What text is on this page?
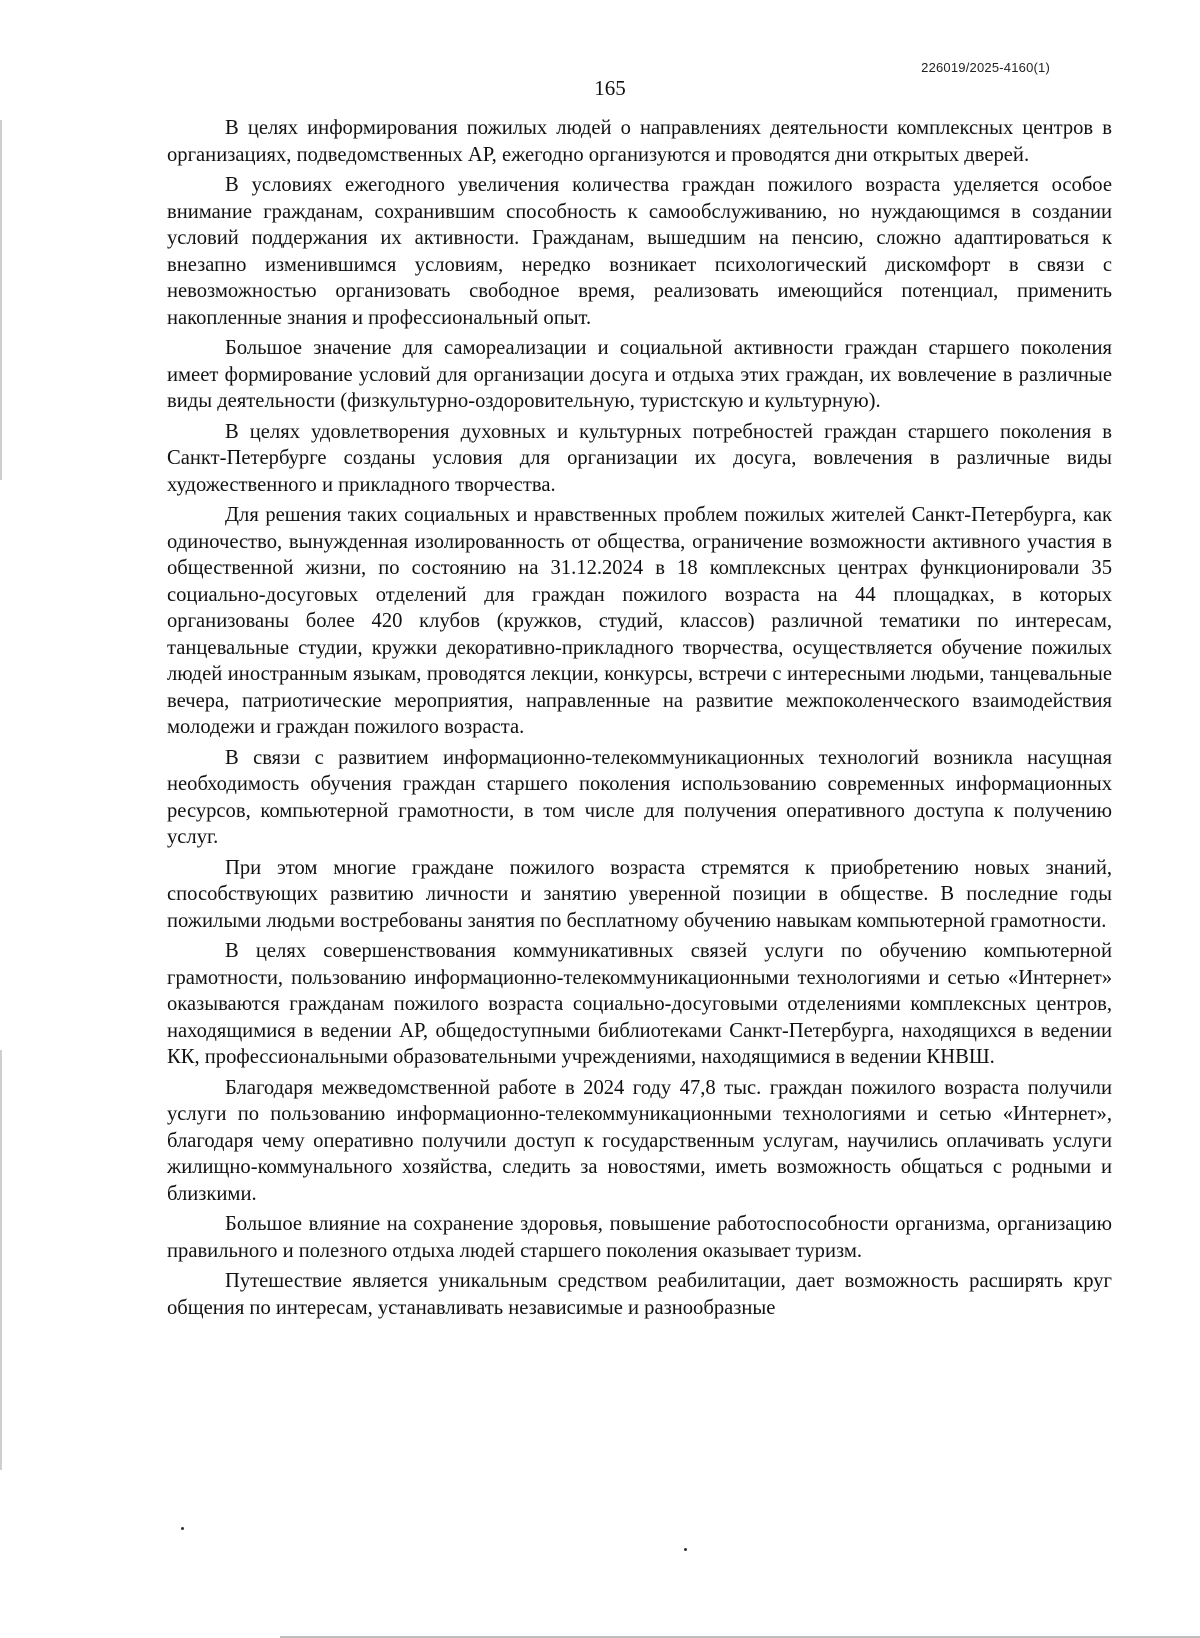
226019/2025-4160(1)
165

В целях информирования пожилых людей о направлениях деятельности комплексных центров в организациях, подведомственных АР, ежегодно организуются и проводятся дни открытых дверей.

В условиях ежегодного увеличения количества граждан пожилого возраста уделяется особое внимание гражданам, сохранившим способность к самообслуживанию, но нуждающимся в создании условий поддержания их активности. Гражданам, вышедшим на пенсию, сложно адаптироваться к внезапно изменившимся условиям, нередко возникает психологический дискомфорт в связи с невозможностью организовать свободное время, реализовать имеющийся потенциал, применить накопленные знания и профессиональный опыт.

Большое значение для самореализации и социальной активности граждан старшего поколения имеет формирование условий для организации досуга и отдыха этих граждан, их вовлечение в различные виды деятельности (физкультурно-оздоровительную, туристскую и культурную).

В целях удовлетворения духовных и культурных потребностей граждан старшего поколения в Санкт-Петербурге созданы условия для организации их досуга, вовлечения в различные виды художественного и прикладного творчества.

Для решения таких социальных и нравственных проблем пожилых жителей Санкт-Петербурга, как одиночество, вынужденная изолированность от общества, ограничение возможности активного участия в общественной жизни, по состоянию на 31.12.2024 в 18 комплексных центрах функционировали 35 социально-досуговых отделений для граждан пожилого возраста на 44 площадках, в которых организованы более 420 клубов (кружков, студий, классов) различной тематики по интересам, танцевальные студии, кружки декоративно-прикладного творчества, осуществляется обучение пожилых людей иностранным языкам, проводятся лекции, конкурсы, встречи с интересными людьми, танцевальные вечера, патриотические мероприятия, направленные на развитие межпоколенческого взаимодействия молодежи и граждан пожилого возраста.

В связи с развитием информационно-телекоммуникационных технологий возникла насущная необходимость обучения граждан старшего поколения использованию современных информационных ресурсов, компьютерной грамотности, в том числе для получения оперативного доступа к получению услуг.

При этом многие граждане пожилого возраста стремятся к приобретению новых знаний, способствующих развитию личности и занятию уверенной позиции в обществе. В последние годы пожилыми людьми востребованы занятия по бесплатному обучению навыкам компьютерной грамотности.

В целях совершенствования коммуникативных связей услуги по обучению компьютерной грамотности, пользованию информационно-телекоммуникационными технологиями и сетью «Интернет» оказываются гражданам пожилого возраста социально-досуговыми отделениями комплексных центров, находящимися в ведении АР, общедоступными библиотеками Санкт-Петербурга, находящихся в ведении КК, профессиональными образовательными учреждениями, находящимися в ведении КНВШ.

Благодаря межведомственной работе в 2024 году 47,8 тыс. граждан пожилого возраста получили услуги по пользованию информационно-телекоммуникационными технологиями и сетью «Интернет», благодаря чему оперативно получили доступ к государственным услугам, научились оплачивать услуги жилищно-коммунального хозяйства, следить за новостями, иметь возможность общаться с родными и близкими.

Большое влияние на сохранение здоровья, повышение работоспособности организма, организацию правильного и полезного отдыха людей старшего поколения оказывает туризм.

Путешествие является уникальным средством реабилитации, дает возможность расширять круг общения по интересам, устанавливать независимые и разнообразные
